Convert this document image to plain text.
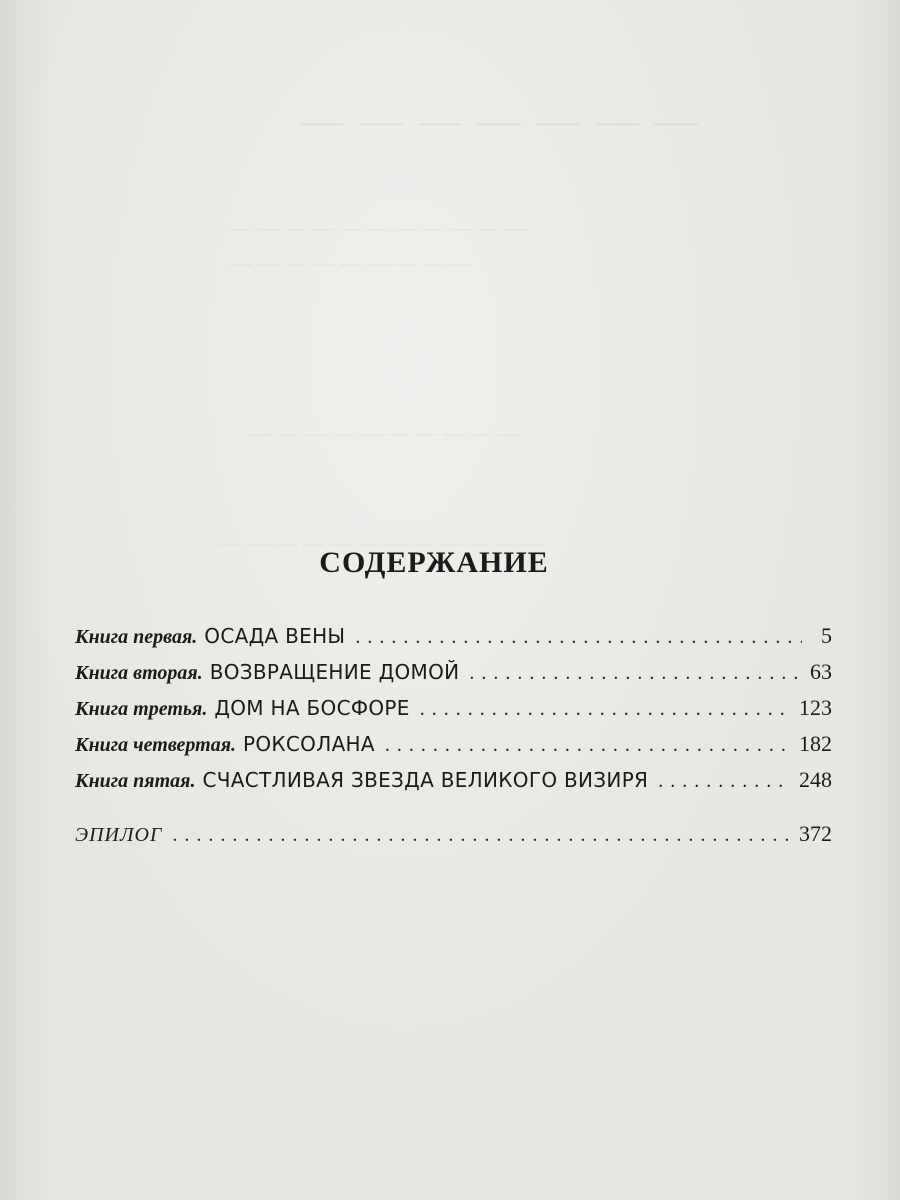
СОДЕРЖАНИЕ
Книга первая. ОСАДА ВЕНЫ .....	5
Книга вторая. ВОЗВРАЩЕНИЕ ДОМОЙ .....	63
Книга третья. ДОМ НА БОСФОРЕ .....	123
Книга четвертая. РОКСОЛАНА .....	182
Книга пятая. СЧАСТЛИВАЯ ЗВЕЗДА ВЕЛИКОГО ВИЗИРЯ .....	248
ЭПИЛОГ .....	372
